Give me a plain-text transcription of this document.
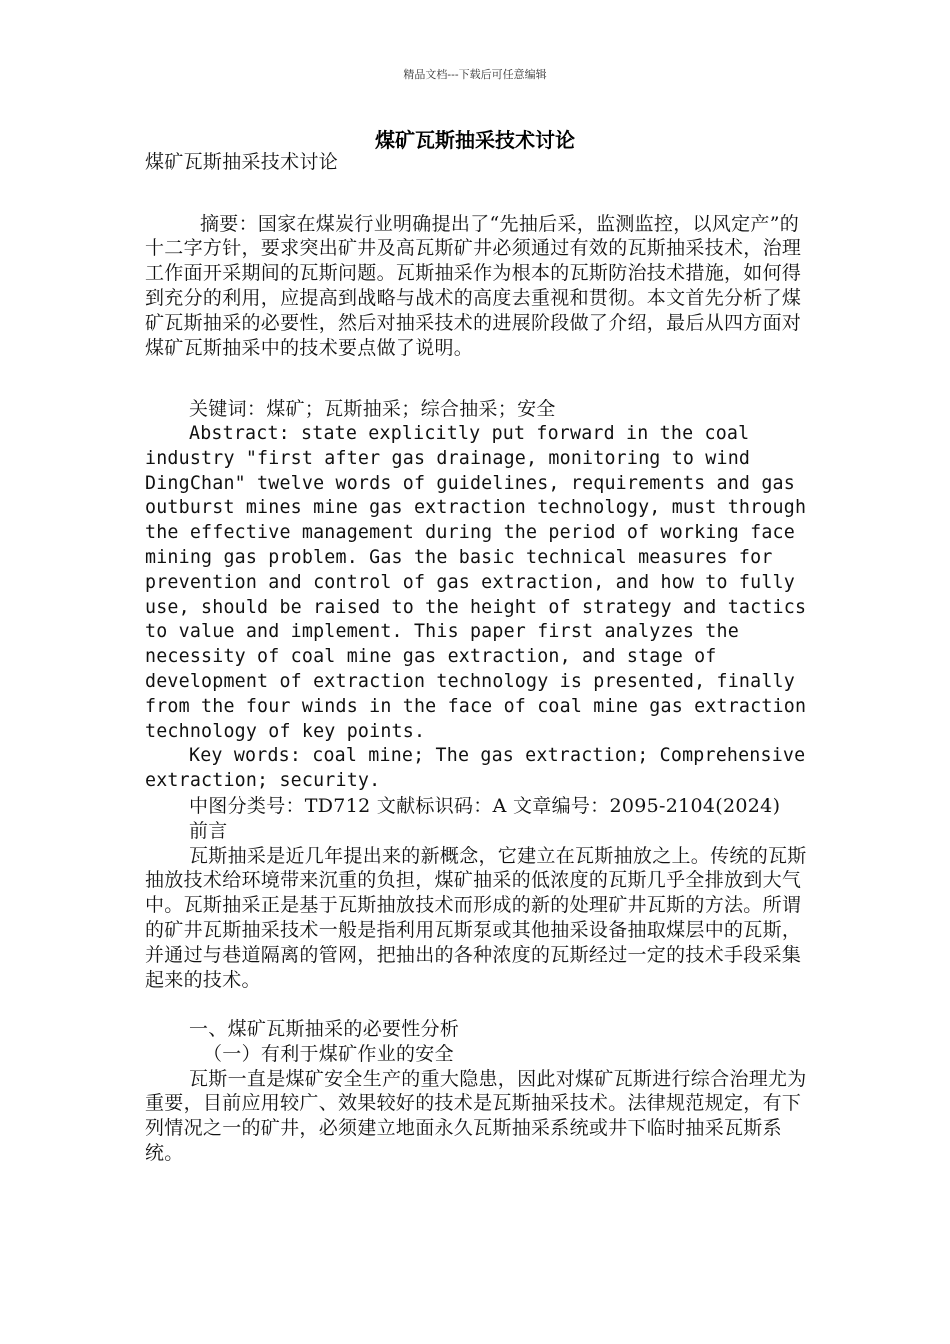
精品文档---下载后可任意编辑
煤矿瓦斯抽采技术讨论

煤矿瓦斯抽采技术讨论

摘要：国家在煤炭行业明确提出了“先抽后采，监测监控，以风定产”的十二字方针，要求突出矿井及高瓦斯矿井必须通过有效的瓦斯抽采技术，治理工作面开采期间的瓦斯问题。瓦斯抽采作为根本的瓦斯防治技术措施，如何得到充分的利用，应提高到战略与战术的高度去重视和贯彻。本文首先分析了煤矿瓦斯抽采的必要性，然后对抽采技术的进展阶段做了介绍，最后从四方面对煤矿瓦斯抽采中的技术要点做了说明。

关键词：煤矿；瓦斯抽采；综合抽采；安全

Abstract: state explicitly put forward in the coal industry "first after gas drainage, monitoring to wind DingChan" twelve words of guidelines, requirements and gas outburst mines mine gas extraction technology, must through the effective management during the period of working face mining gas problem. Gas the basic technical measures for prevention and control of gas extraction, and how to fully use, should be raised to the height of strategy and tactics to value and implement. This paper first analyzes the necessity of coal mine gas extraction, and stage of development of extraction technology is presented, finally from the four winds in the face of coal mine gas extraction technology of key points.

Key words: coal mine; The gas extraction; Comprehensive extraction; security.

中图分类号：TD712 文献标识码：A 文章编号：2095-2104(2024)

前言

瓦斯抽采是近几年提出来的新概念，它建立在瓦斯抽放之上。传统的瓦斯抽放技术给环境带来沉重的负担，煤矿抽采的低浓度的瓦斯几乎全排放到大气中。瓦斯抽采正是基于瓦斯抽放技术而形成的新的处理矿井瓦斯的方法。所谓的矿井瓦斯抽采技术一般是指利用瓦斯泵或其他抽采设备抽取煤层中的瓦斯，并通过与巷道隔离的管网，把抽出的各种浓度的瓦斯经过一定的技术手段采集起来的技术。

一、煤矿瓦斯抽采的必要性分析

（一）有利于煤矿作业的安全

瓦斯一直是煤矿安全生产的重大隐患，因此对煤矿瓦斯进行综合治理尤为重要，目前应用较广、效果较好的技术是瓦斯抽采技术。法律规范规定，有下列情况之一的矿井，必须建立地面永久瓦斯抽采系统或井下临时抽采瓦斯系统。
